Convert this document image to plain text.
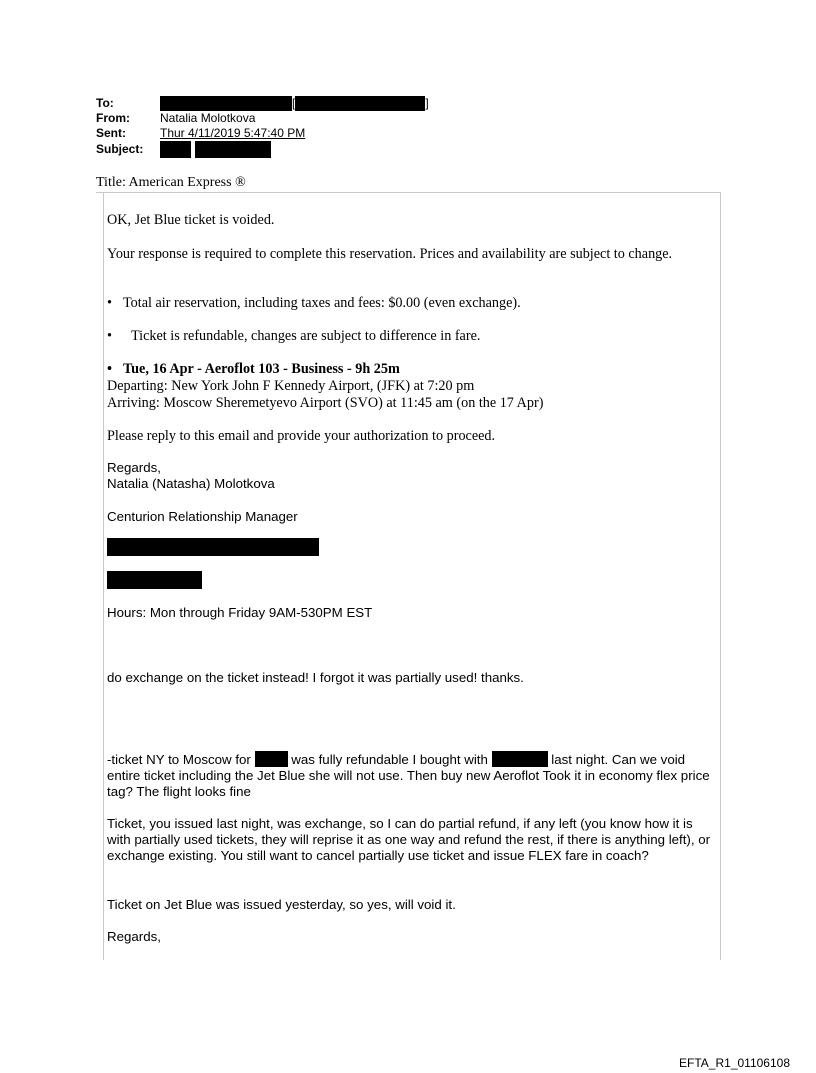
To:	[	]
From:	Natalia Molotkova
Sent:	Thur 4/11/2019 5:47:40 PM
Subject:
Title: American Express ®

OK, Jet Blue ticket is voided.

Your response is required to complete this reservation. Prices and availability are subject to change.

• Total air reservation, including taxes and fees: $0.00 (even exchange).
•	Ticket is refundable, changes are subject to difference in fare.
• Tue, 16 Apr - Aeroflot 103 - Business - 9h 25m

Departing: New York John F Kennedy Airport, (JFK) at 7:20 pm

Arriving: Moscow Sheremetyevo Airport (SVO) at 11:45 am (on the 17 Apr)

Please reply to this email and provide your authorization to proceed.

Regards,

Natalia (Natasha) Molotkova

Centurion Relationship Manager

Hours: Mon through Friday 9AM-530PM EST

do exchange on the ticket instead! I forgot it was partially used! thanks.

-ticket NY to Moscow for	was fully refundable I bought with	last night. Can we void entire ticket including the Jet Blue she will not use. Then buy new Aeroflot Took it in economy flex price tag? The flight looks fine

Ticket, you issued last night, was exchange, so I can do partial refund, if any left (you know how it is with partially used tickets, they will reprise it as one way and refund the rest, if there is anything left), or exchange existing. You still want to cancel partially use ticket and issue FLEX fare in coach?

Ticket on Jet Blue was issued yesterday, so yes, will void it.

Regards,

EFTA_R1_01106108
